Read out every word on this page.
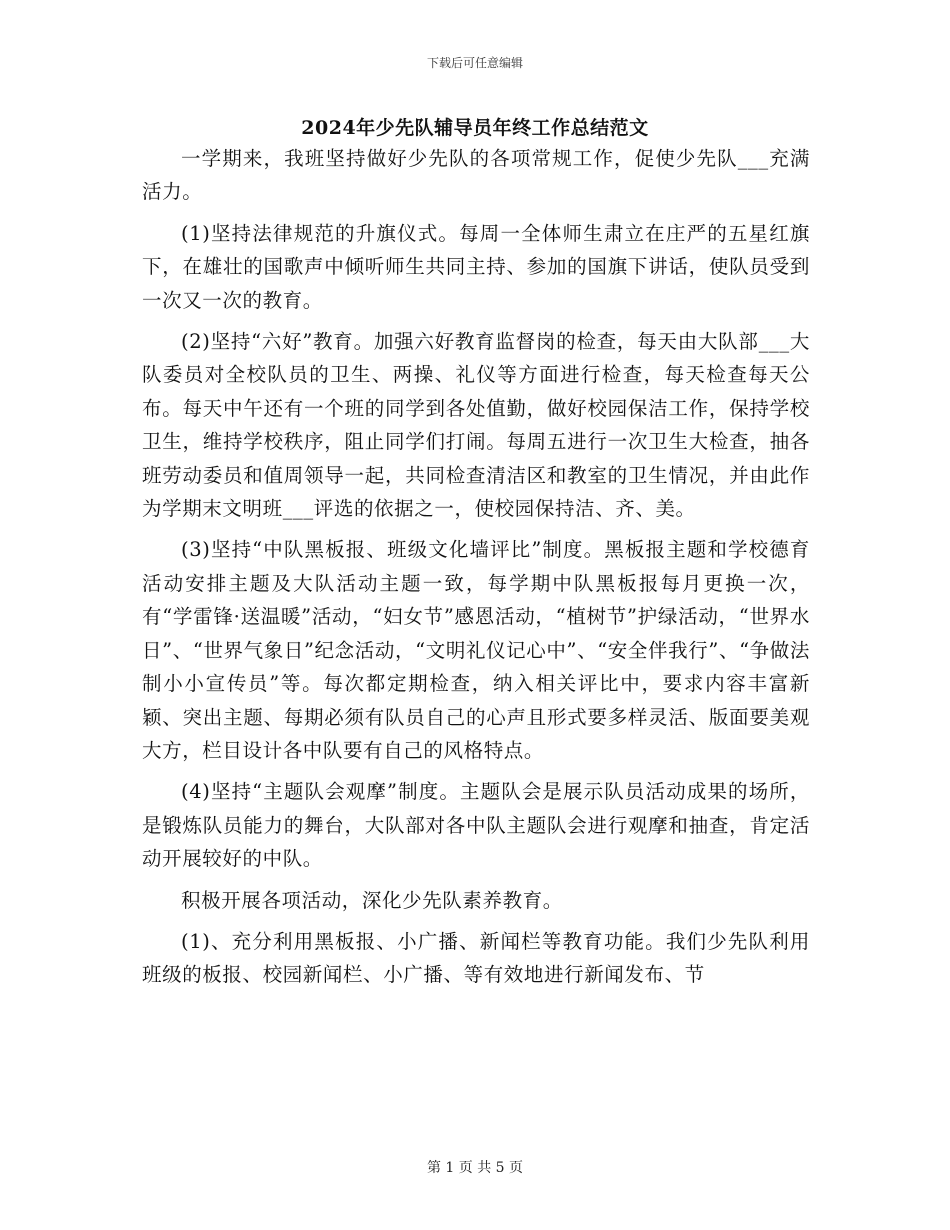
下载后可任意编辑
2024年少先队辅导员年终工作总结范文

一学期来，我班坚持做好少先队的各项常规工作，促使少先队___充满活力。

(1)坚持法律规范的升旗仪式。每周一全体师生肃立在庄严的五星红旗下，在雄壮的国歌声中倾听师生共同主持、参加的国旗下讲话，使队员受到一次又一次的教育。

(2)坚持“六好”教育。加强六好教育监督岗的检查，每天由大队部___大队委员对全校队员的卫生、两操、礼仪等方面进行检查，每天检查每天公布。每天中午还有一个班的同学到各处值勤，做好校园保洁工作，保持学校卫生，维持学校秩序，阻止同学们打闹。每周五进行一次卫生大检查，抽各班劳动委员和值周领导一起，共同检查清洁区和教室的卫生情况，并由此作为学期末文明班___评选的依据之一，使校园保持洁、齐、美。

(3)坚持“中队黑板报、班级文化墙评比”制度。黑板报主题和学校德育活动安排主题及大队活动主题一致，每学期中队黑板报每月更换一次，有“学雷锋·送温暖”活动，“妇女节”感恩活动，“植树节”护绿活动，“世界水日”、“世界气象日”纪念活动，“文明礼仪记心中”、“安全伴我行”、“争做法制小小宣传员”等。每次都定期检查，纳入相关评比中，要求内容丰富新颖、突出主题、每期必须有队员自己的心声且形式要多样灵活、版面要美观大方，栏目设计各中队要有自己的风格特点。

(4)坚持“主题队会观摩”制度。主题队会是展示队员活动成果的场所，是锻炼队员能力的舞台，大队部对各中队主题队会进行观摩和抽查，肯定活动开展较好的中队。

积极开展各项活动，深化少先队素养教育。

(1)、充分利用黑板报、小广播、新闻栏等教育功能。我们少先队利用班级的板报、校园新闻栏、小广播、等有效地进行新闻发布、节

第 1 页 共 5 页
